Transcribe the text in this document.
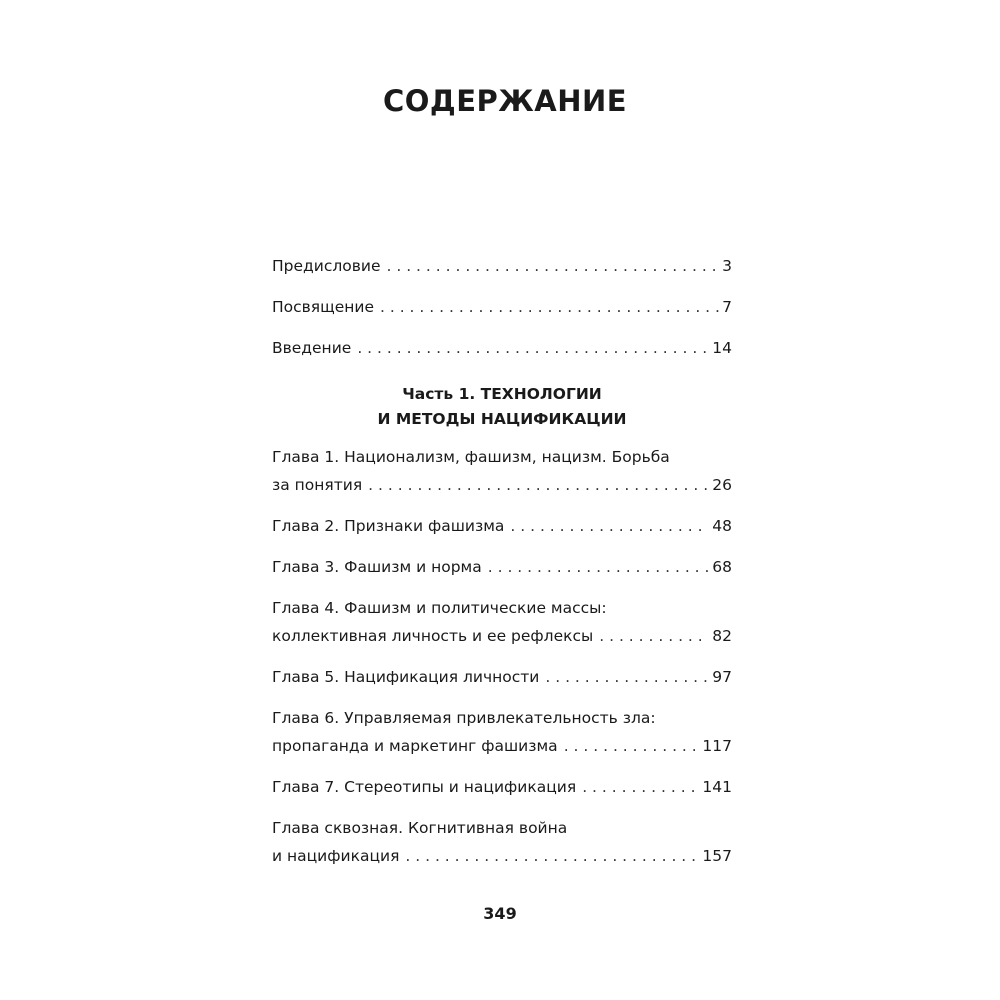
СОДЕРЖАНИЕ
Предисловие . . .	3
Посвящение . . .	7
Введение . . .	14
Часть 1. ТЕХНОЛОГИИ
И МЕТОДЫ НАЦИФИКАЦИИ
Глава 1. Национализм, фашизм, нацизм. Борьба
за понятия . . .	26
Глава 2. Признаки фашизма . . .	48
Глава 3. Фашизм и норма . . .	68
Глава 4. Фашизм и политические массы:
коллективная личность и ее рефлексы . . .	82
Глава 5. Нацификация личности . . .	97
Глава 6. Управляемая привлекательность зла:
пропаганда и маркетинг фашизма . . .	117
Глава 7. Стереотипы и нацификация . . .	141
Глава сквозная. Когнитивная война
и нацификация . . .	157
349
